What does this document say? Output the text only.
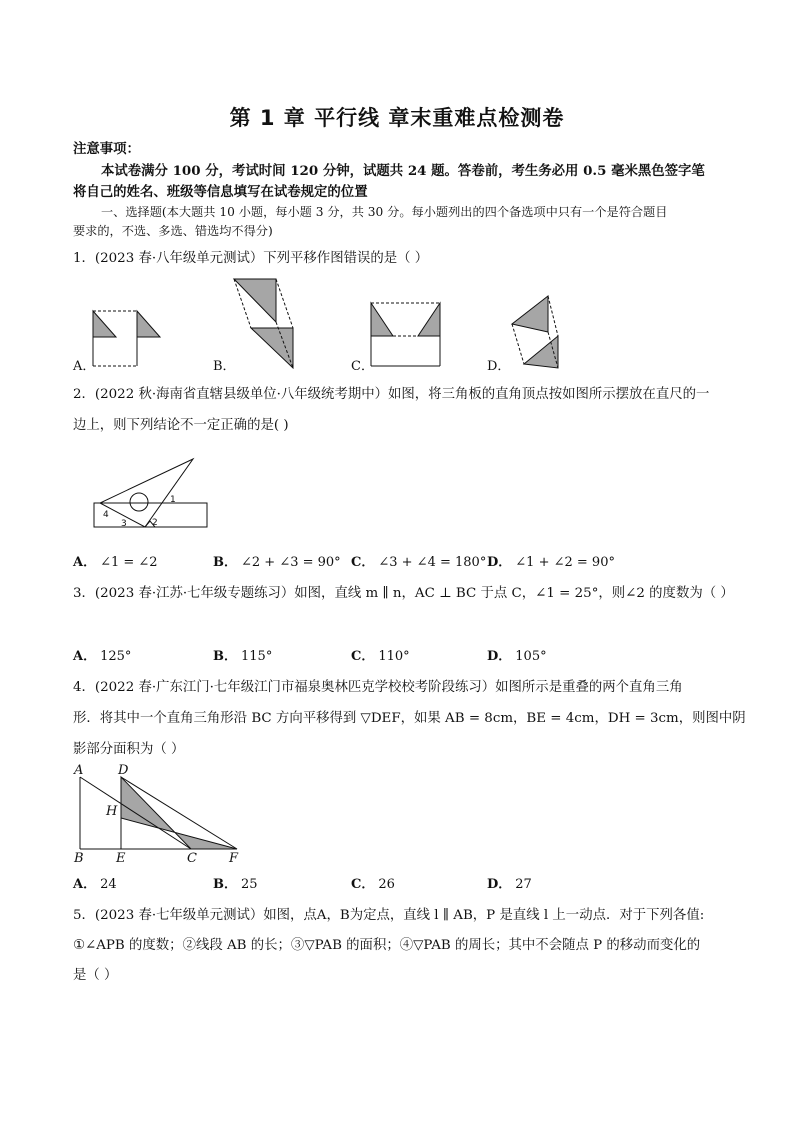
第 1 章 平行线 章末重难点检测卷
注意事项：
本试卷满分 100 分，考试时间 120 分钟，试题共 24 题。答卷前，考生务必用 0.5 毫米黑色签字笔
将自己的姓名、班级等信息填写在试卷规定的位置
一、选择题(本大题共 10 小题，每小题 3 分，共 30 分。每小题列出的四个备选项中只有一个是符合题目
要求的，不选、多选、错选均不得分)
1．(2023 春·八年级单元测试）下列平移作图错误的是（ ）
A．	B．	C．	D．
2．(2022 秋·海南省直辖县级单位·八年级统考期中）如图，将三角板的直角顶点按如图所示摆放在直尺的一
边上，则下列结论不一定正确的是( )
1
2
3
4
A． ∠1 = ∠2	B． ∠2 + ∠3 = 90° C． ∠3 + ∠4 = 180° D． ∠1 + ∠2 = 90°
3．(2023 春·江苏·七年级专题练习）如图，直线 m ∥ n，AC ⊥ BC 于点 C，∠1 = 25°，则∠2 的度数为（ ）
A． 125°	B． 115°	C． 110°	D． 105°
4．(2022 春·广东江门·七年级江门市福泉奥林匹克学校校考阶段练习）如图所示是重叠的两个直角三角
形．将其中一个直角三角形沿 BC 方向平移得到 ▽DEF，如果 AB = 8cm，BE = 4cm，DH = 3cm，则图中阴
影部分面积为（ ）
A	D
H
B E	C F
A． 24	B． 25	C． 26	D． 27
5．(2023 春·七年级单元测试）如图，点A，B为定点，直线 l ∥ AB，P 是直线 l 上一动点．对于下列各值:
①∠APB 的度数；②线段 AB 的长；③▽PAB 的面积；④▽PAB 的周长；其中不会随点 P 的移动而变化的
是（ ）
